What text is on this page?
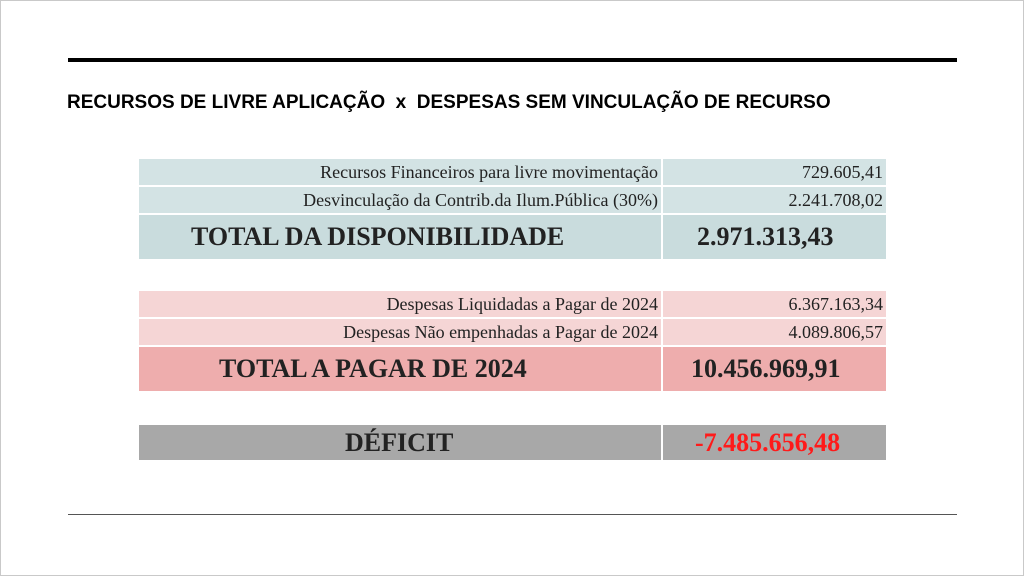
RECURSOS DE LIVRE APLICAÇÃO  x  DESPESAS SEM VINCULAÇÃO DE RECURSO
Recursos Financeiros para livre movimentação	729.605,41
Desvinculação da Contrib.da Ilum.Pública (30%)	2.241.708,02
TOTAL DA DISPONIBILIDADE	2.971.313,43
Despesas Liquidadas a Pagar de 2024	6.367.163,34
Despesas Não empenhadas a Pagar de 2024	4.089.806,57
TOTAL A PAGAR DE 2024	10.456.969,91
DÉFICIT	-7.485.656,48
